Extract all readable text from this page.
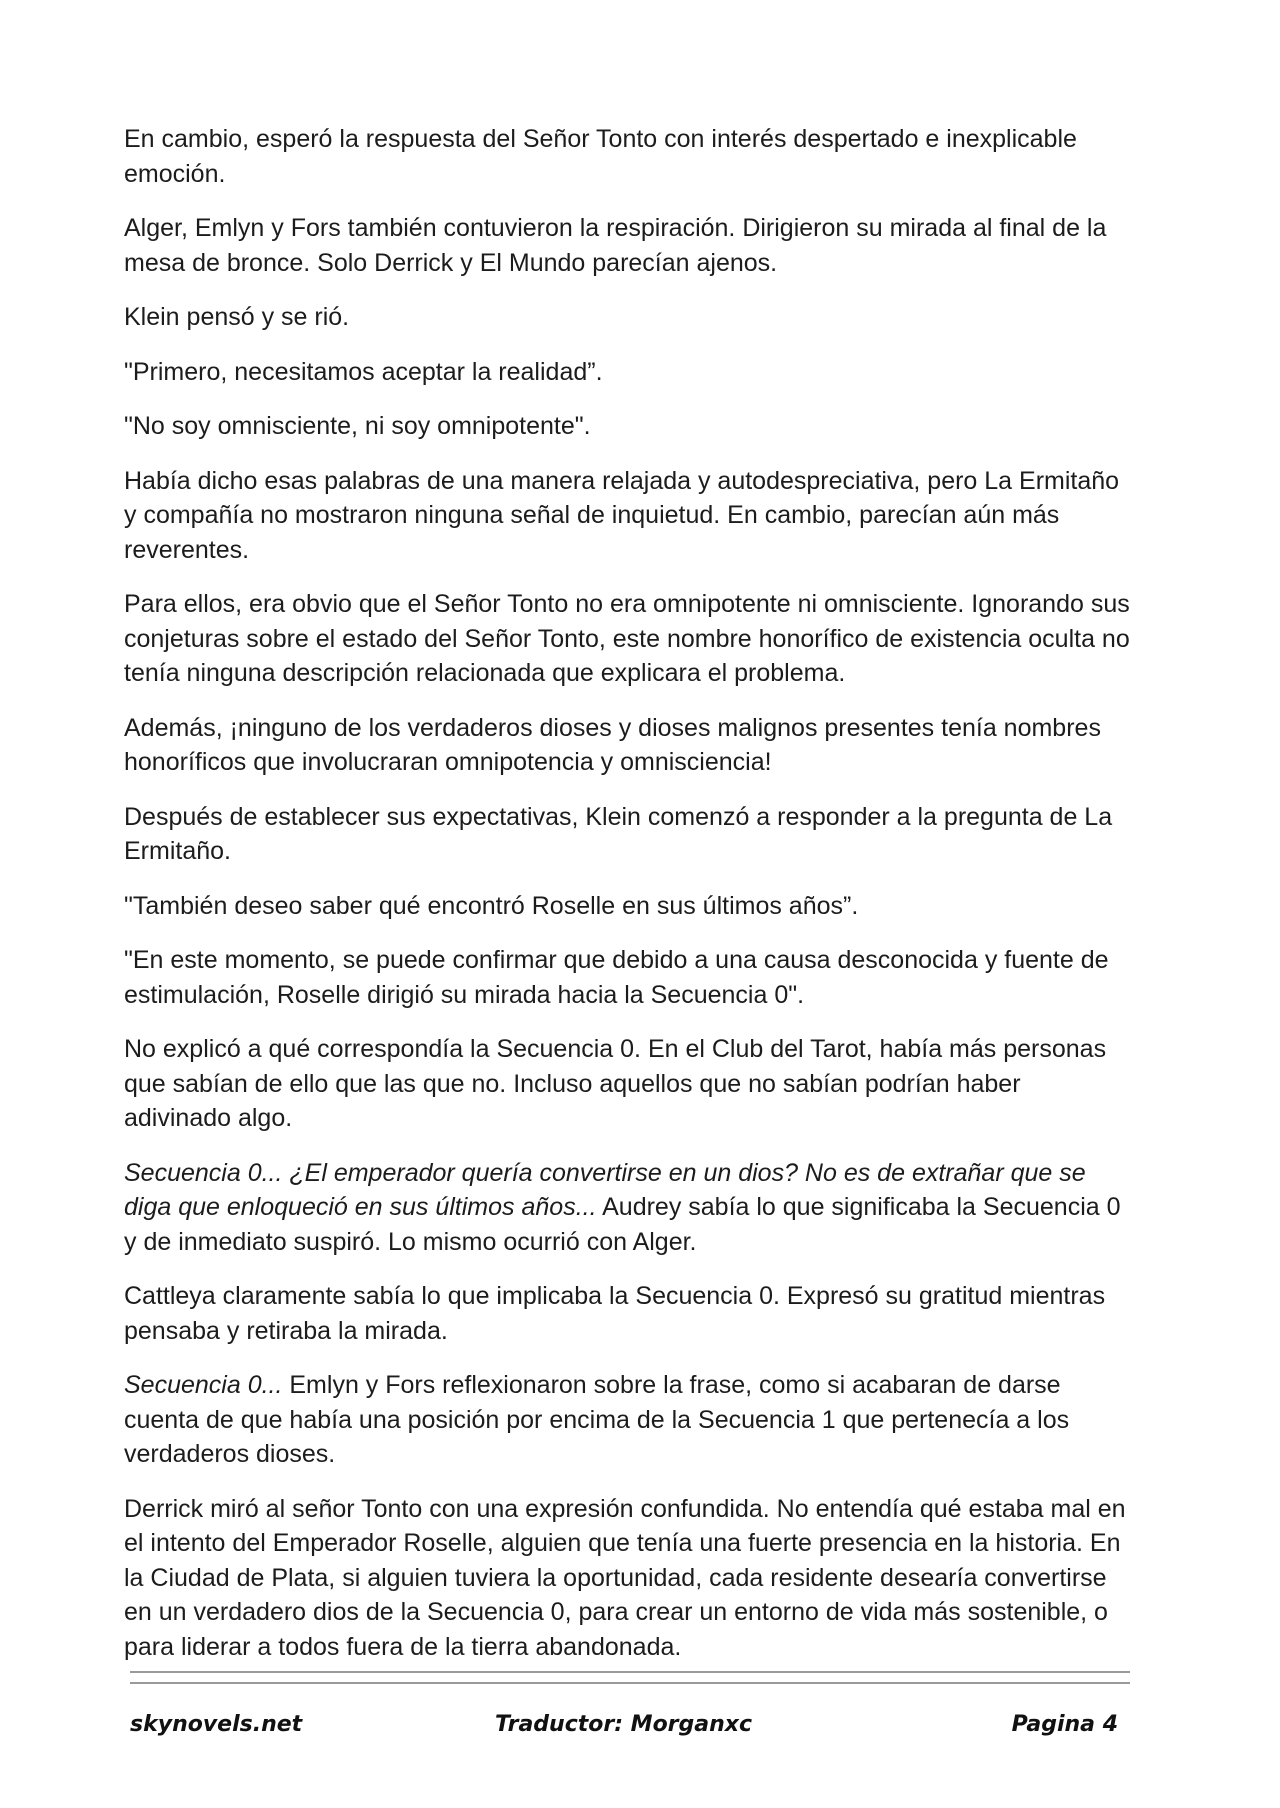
En cambio, esperó la respuesta del Señor Tonto con interés despertado e inexplicable emoción.

Alger, Emlyn y Fors también contuvieron la respiración. Dirigieron su mirada al final de la mesa de bronce. Solo Derrick y El Mundo parecían ajenos.

Klein pensó y se rió.

"Primero, necesitamos aceptar la realidad”.

"No soy omnisciente, ni soy omnipotente".

Había dicho esas palabras de una manera relajada y autodespreciativa, pero La Ermitaño y compañía no mostraron ninguna señal de inquietud. En cambio, parecían aún más reverentes.

Para ellos, era obvio que el Señor Tonto no era omnipotente ni omnisciente. Ignorando sus conjeturas sobre el estado del Señor Tonto, este nombre honorífico de existencia oculta no tenía ninguna descripción relacionada que explicara el problema.

Además, ¡ninguno de los verdaderos dioses y dioses malignos presentes tenía nombres honoríficos que involucraran omnipotencia y omnisciencia!

Después de establecer sus expectativas, Klein comenzó a responder a la pregunta de La Ermitaño.

"También deseo saber qué encontró Roselle en sus últimos años”.

"En este momento, se puede confirmar que debido a una causa desconocida y fuente de estimulación, Roselle dirigió su mirada hacia la Secuencia 0".

No explicó a qué correspondía la Secuencia 0. En el Club del Tarot, había más personas que sabían de ello que las que no. Incluso aquellos que no sabían podrían haber adivinado algo.

Secuencia 0... ¿El emperador quería convertirse en un dios? No es de extrañar que se diga que enloqueció en sus últimos años... Audrey sabía lo que significaba la Secuencia 0 y de inmediato suspiró. Lo mismo ocurrió con Alger.

Cattleya claramente sabía lo que implicaba la Secuencia 0. Expresó su gratitud mientras pensaba y retiraba la mirada.

Secuencia 0... Emlyn y Fors reflexionaron sobre la frase, como si acabaran de darse cuenta de que había una posición por encima de la Secuencia 1 que pertenecía a los verdaderos dioses.

Derrick miró al señor Tonto con una expresión confundida. No entendía qué estaba mal en el intento del Emperador Roselle, alguien que tenía una fuerte presencia en la historia. En la Ciudad de Plata, si alguien tuviera la oportunidad, cada residente desearía convertirse en un verdadero dios de la Secuencia 0, para crear un entorno de vida más sostenible, o para liderar a todos fuera de la tierra abandonada.

skynovels.net	Traductor: Morganxc	Pagina 4
